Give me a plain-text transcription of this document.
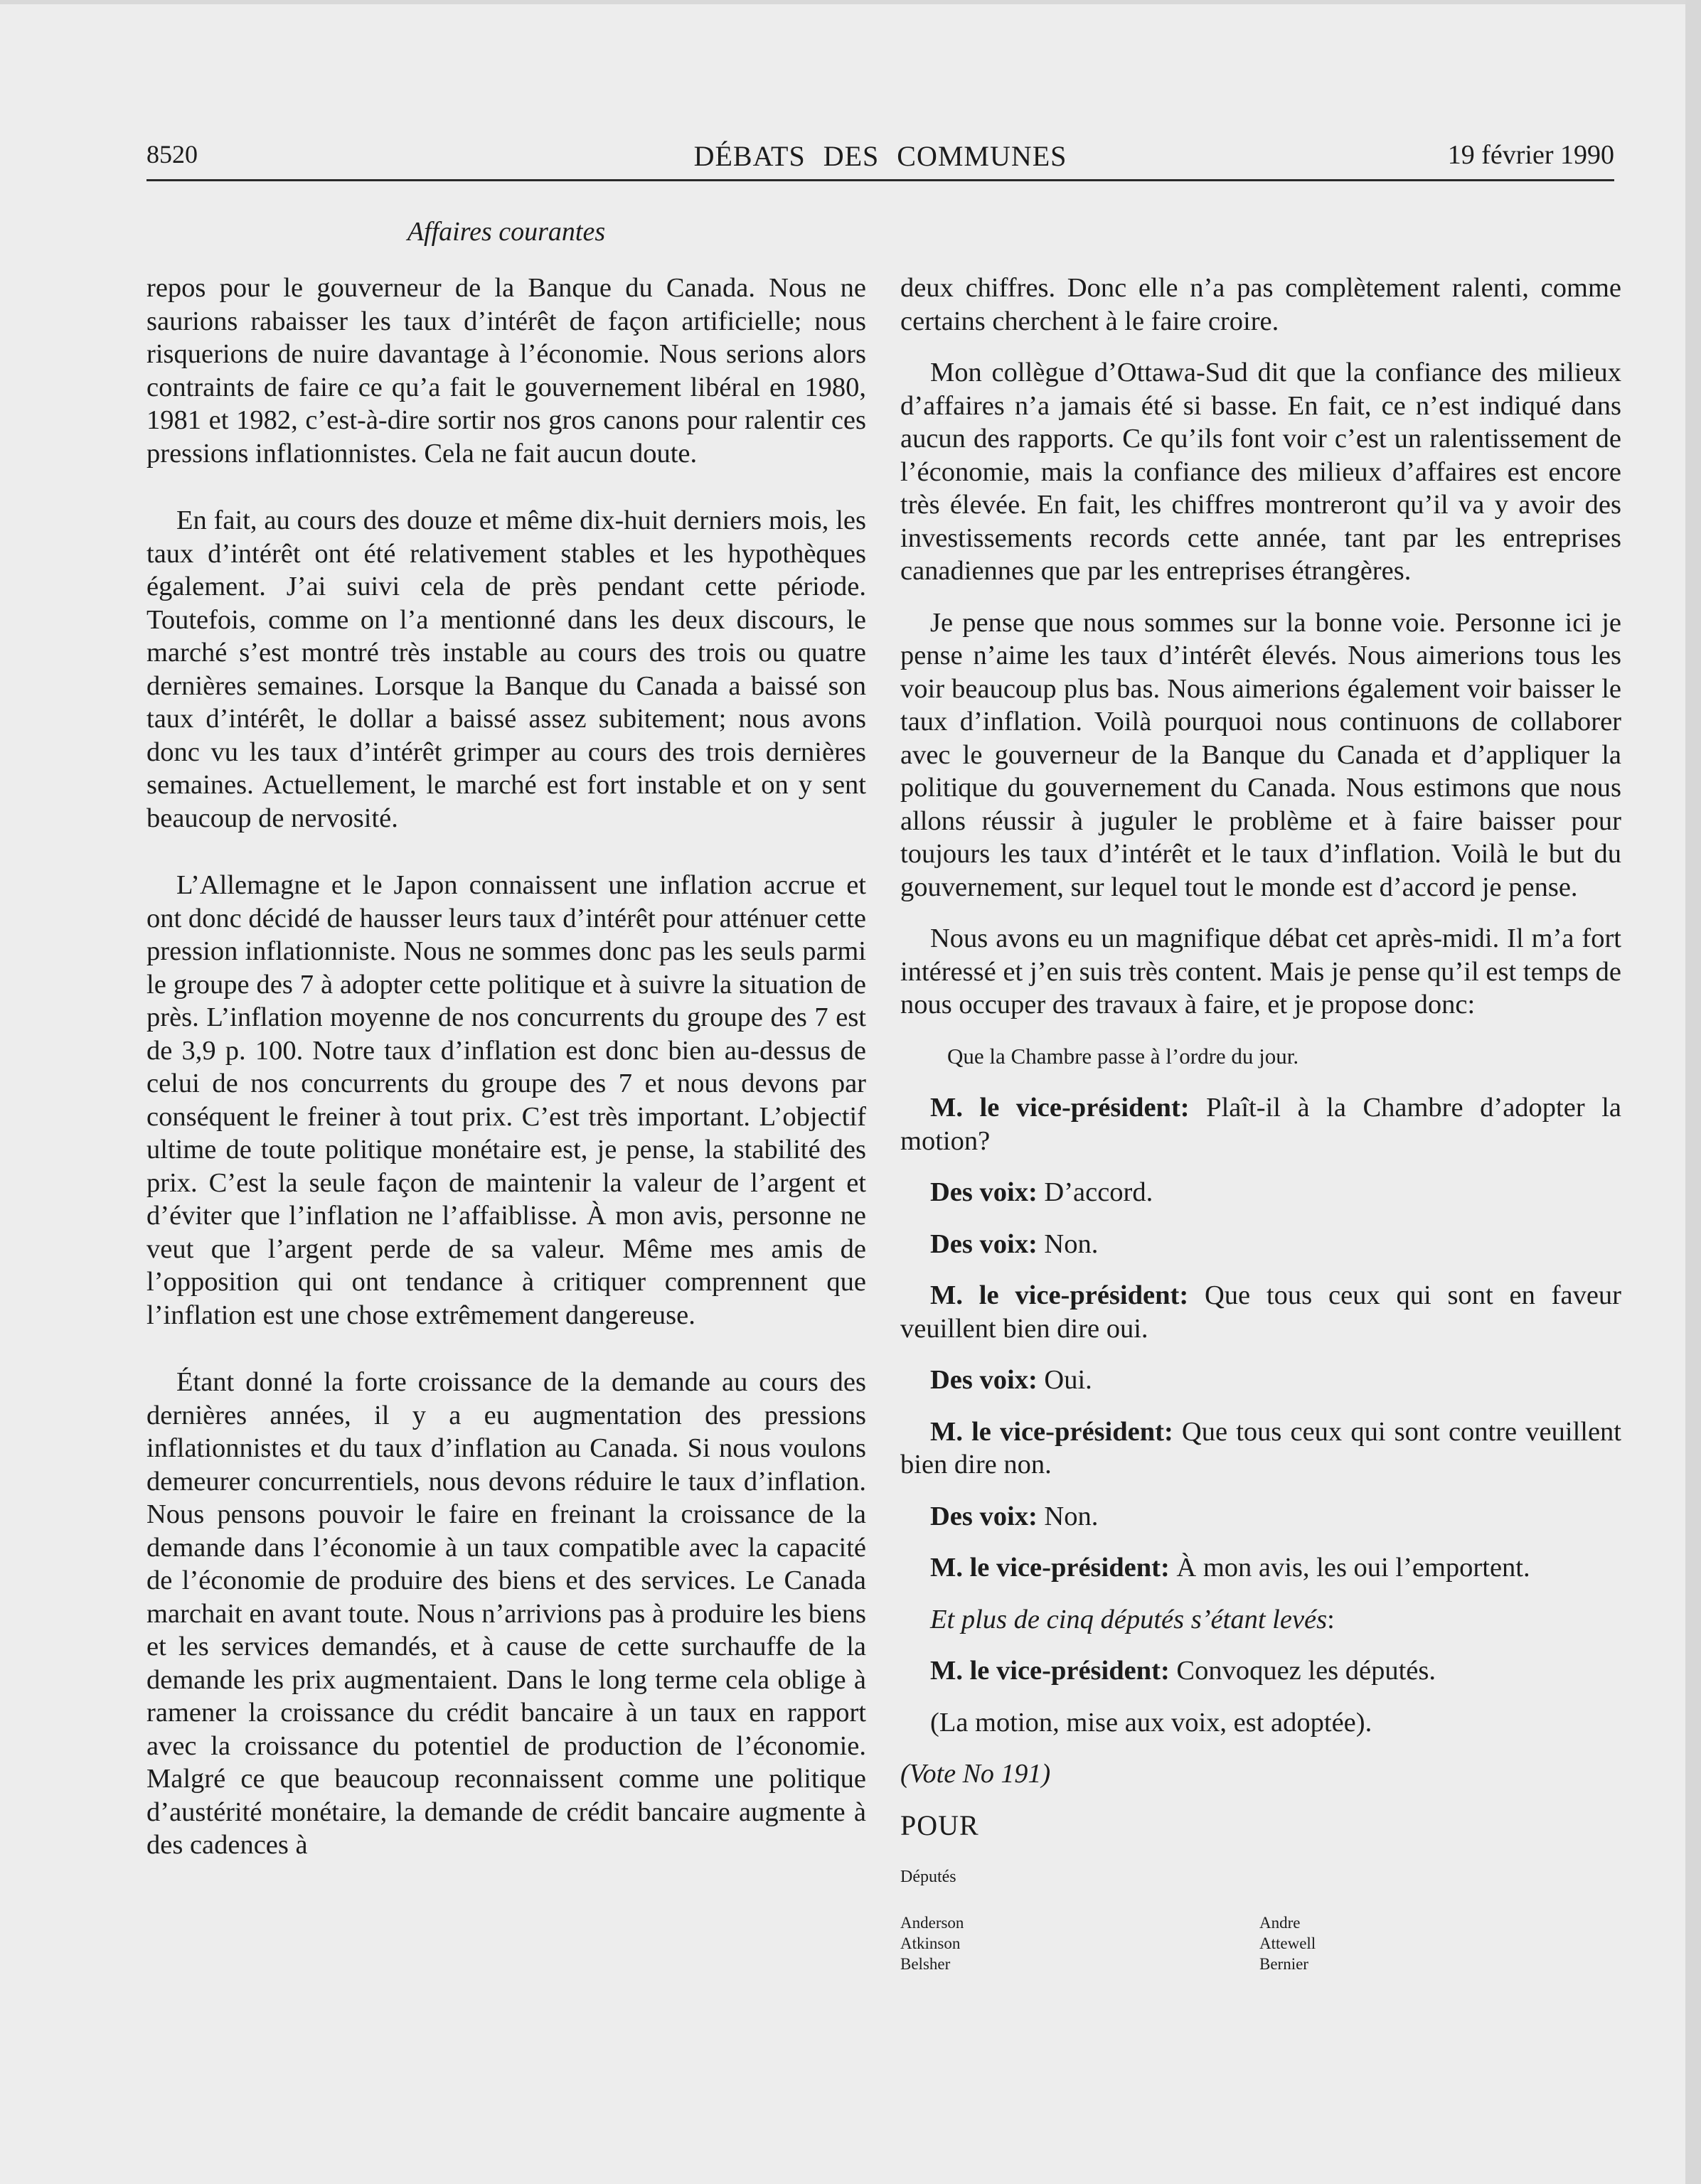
8520	DÉBATS DES COMMUNES	19 février 1990
Affaires courantes

repos pour le gouverneur de la Banque du Canada. Nous ne saurions rabaisser les taux d’intérêt de façon artificielle; nous risquerions de nuire davantage à l’économie. Nous serions alors contraints de faire ce qu’a fait le gouvernement libéral en 1980, 1981 et 1982, c’est-à-dire sortir nos gros canons pour ralentir ces pressions inflationnistes. Cela ne fait aucun doute.

En fait, au cours des douze et même dix-huit derniers mois, les taux d’intérêt ont été relativement stables et les hypothèques également. J’ai suivi cela de près pendant cette période. Toutefois, comme on l’a mentionné dans les deux discours, le marché s’est montré très instable au cours des trois ou quatre dernières semaines. Lorsque la Banque du Canada a baissé son taux d’intérêt, le dollar a baissé assez subitement; nous avons donc vu les taux d’intérêt grimper au cours des trois dernières semaines. Actuellement, le marché est fort instable et on y sent beaucoup de nervosité.

L’Allemagne et le Japon connaissent une inflation accrue et ont donc décidé de hausser leurs taux d’intérêt pour atténuer cette pression inflationniste. Nous ne sommes donc pas les seuls parmi le groupe des 7 à adopter cette politique et à suivre la situation de près. L’inflation moyenne de nos concurrents du groupe des 7 est de 3,9 p. 100. Notre taux d’inflation est donc bien au-dessus de celui de nos concurrents du groupe des 7 et nous devons par conséquent le freiner à tout prix. C’est très important. L’objectif ultime de toute politique monétaire est, je pense, la stabilité des prix. C’est la seule façon de maintenir la valeur de l’argent et d’éviter que l’inflation ne l’affaiblisse. À mon avis, personne ne veut que l’argent perde de sa valeur. Même mes amis de l’opposition qui ont tendance à critiquer comprennent que l’inflation est une chose extrêmement dangereuse.

Étant donné la forte croissance de la demande au cours des dernières années, il y a eu augmentation des pressions inflationnistes et du taux d’inflation au Canada. Si nous voulons demeurer concurrentiels, nous devons réduire le taux d’inflation. Nous pensons pouvoir le faire en freinant la croissance de la demande dans l’économie à un taux compatible avec la capacité de l’économie de produire des biens et des services. Le Canada marchait en avant toute. Nous n’arrivions pas à produire les biens et les services demandés, et à cause de cette surchauffe de la demande les prix augmentaient. Dans le long terme cela oblige à ramener la croissance du crédit bancaire à un taux en rapport avec la croissance du potentiel de production de l’économie. Malgré ce que beaucoup reconnaissent comme une politique d’austérité monétaire, la demande de crédit bancaire augmente à des cadences à

deux chiffres. Donc elle n’a pas complètement ralenti, comme certains cherchent à le faire croire.

Mon collègue d’Ottawa-Sud dit que la confiance des milieux d’affaires n’a jamais été si basse. En fait, ce n’est indiqué dans aucun des rapports. Ce qu’ils font voir c’est un ralentissement de l’économie, mais la confiance des milieux d’affaires est encore très élevée. En fait, les chiffres montreront qu’il va y avoir des investissements records cette année, tant par les entreprises canadiennes que par les entreprises étrangères.

Je pense que nous sommes sur la bonne voie. Personne ici je pense n’aime les taux d’intérêt élevés. Nous aimerions tous les voir beaucoup plus bas. Nous aimerions également voir baisser le taux d’inflation. Voilà pourquoi nous continuons de collaborer avec le gouverneur de la Banque du Canada et d’appliquer la politique du gouvernement du Canada. Nous estimons que nous allons réussir à juguler le problème et à faire baisser pour toujours les taux d’intérêt et le taux d’inflation. Voilà le but du gouvernement, sur lequel tout le monde est d’accord je pense.

Nous avons eu un magnifique débat cet après-midi. Il m’a fort intéressé et j’en suis très content. Mais je pense qu’il est temps de nous occuper des travaux à faire, et je propose donc:

Que la Chambre passe à l’ordre du jour.

M. le vice-président: Plaît-il à la Chambre d’adopter la motion?

Des voix: D’accord.

Des voix: Non.

M. le vice-président: Que tous ceux qui sont en faveur veuillent bien dire oui.

Des voix: Oui.

M. le vice-président: Que tous ceux qui sont contre veuillent bien dire non.

Des voix: Non.

M. le vice-président: À mon avis, les oui l’emportent.

Et plus de cinq députés s’étant levés:

M. le vice-président: Convoquez les députés.

(La motion, mise aux voix, est adoptée).

(Vote No 191)

POUR

Députés

Anderson
Atkinson
Belsher
Andre
Attewell
Bernier
